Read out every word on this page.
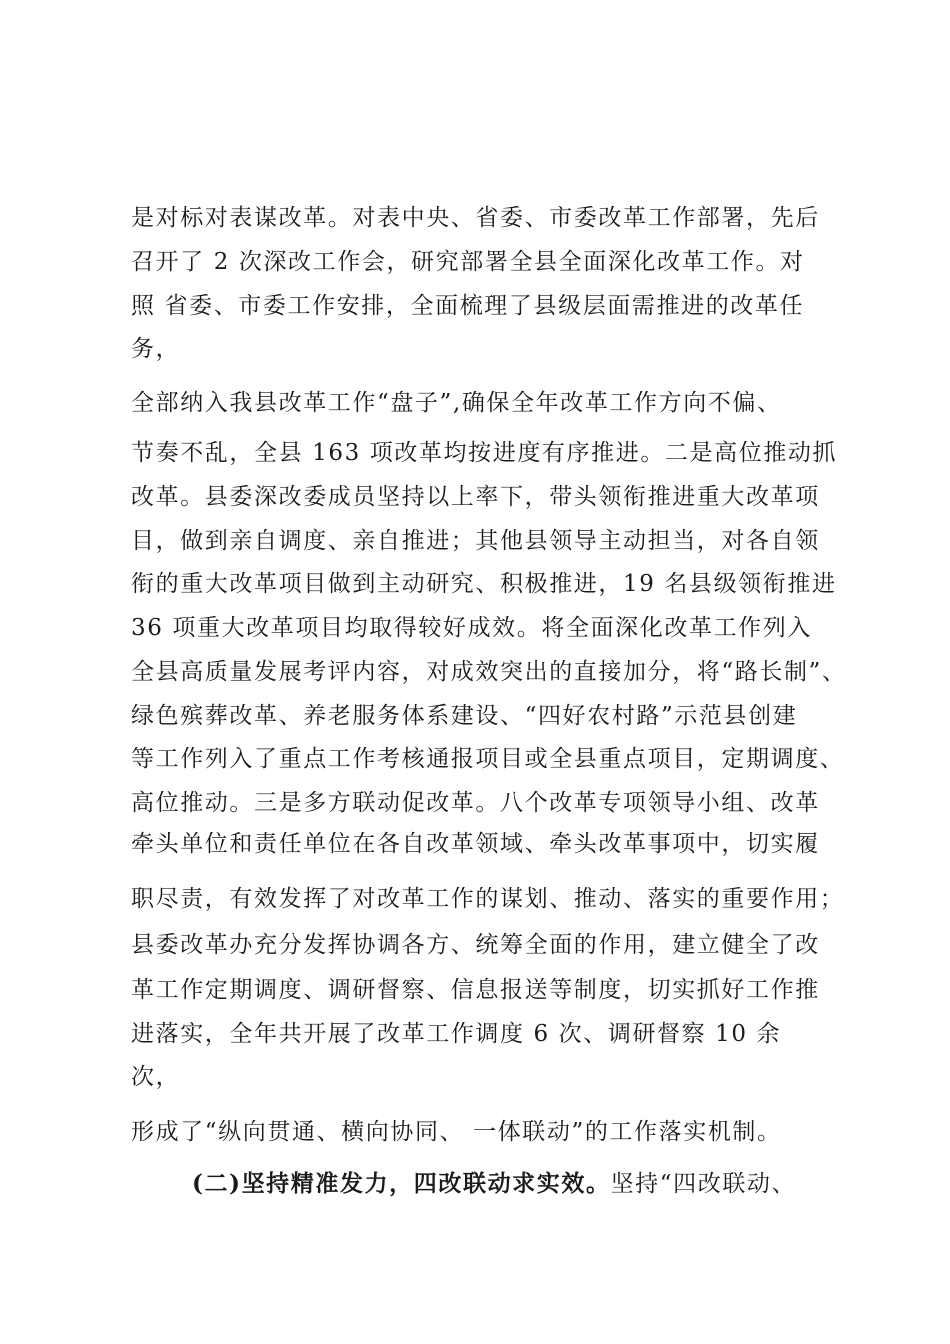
是对标对表谋改革。对表中央、省委、市委改革工作部署，先后
召开了 2 次深改工作会，研究部署全县全面深化改革工作。对
照 省委、市委工作安排，全面梳理了县级层面需推进的改革任
务，
全部纳入我县改革工作“盘子”,确保全年改革工作方向不偏、
节奏不乱，全县 163 项改革均按进度有序推进。二是高位推动抓
改革。县委深改委成员坚持以上率下，带头领衔推进重大改革项
目，做到亲自调度、亲自推进；其他县领导主动担当，对各自领
衔的重大改革项目做到主动研究、积极推进，19 名县级领衔推进
36 项重大改革项目均取得较好成效。将全面深化改革工作列入
全县高质量发展考评内容，对成效突出的直接加分，将“路长制”、
绿色殡葬改革、养老服务体系建设、“四好农村路”示范县创建
等工作列入了重点工作考核通报项目或全县重点项目，定期调度、
高位推动。三是多方联动促改革。八个改革专项领导小组、改革
牵头单位和责任单位在各自改革领域、牵头改革事项中，切实履
职尽责，有效发挥了对改革工作的谋划、推动、落实的重要作用；
县委改革办充分发挥协调各方、统筹全面的作用，建立健全了改
革工作定期调度、调研督察、信息报送等制度，切实抓好工作推
进落实，全年共开展了改革工作调度 6 次、调研督察 10 余
次，
形成了“纵向贯通、横向协同、 一体联动”的工作落实机制。
(二)坚持精准发力，四改联动求实效。坚持“四改联动、
